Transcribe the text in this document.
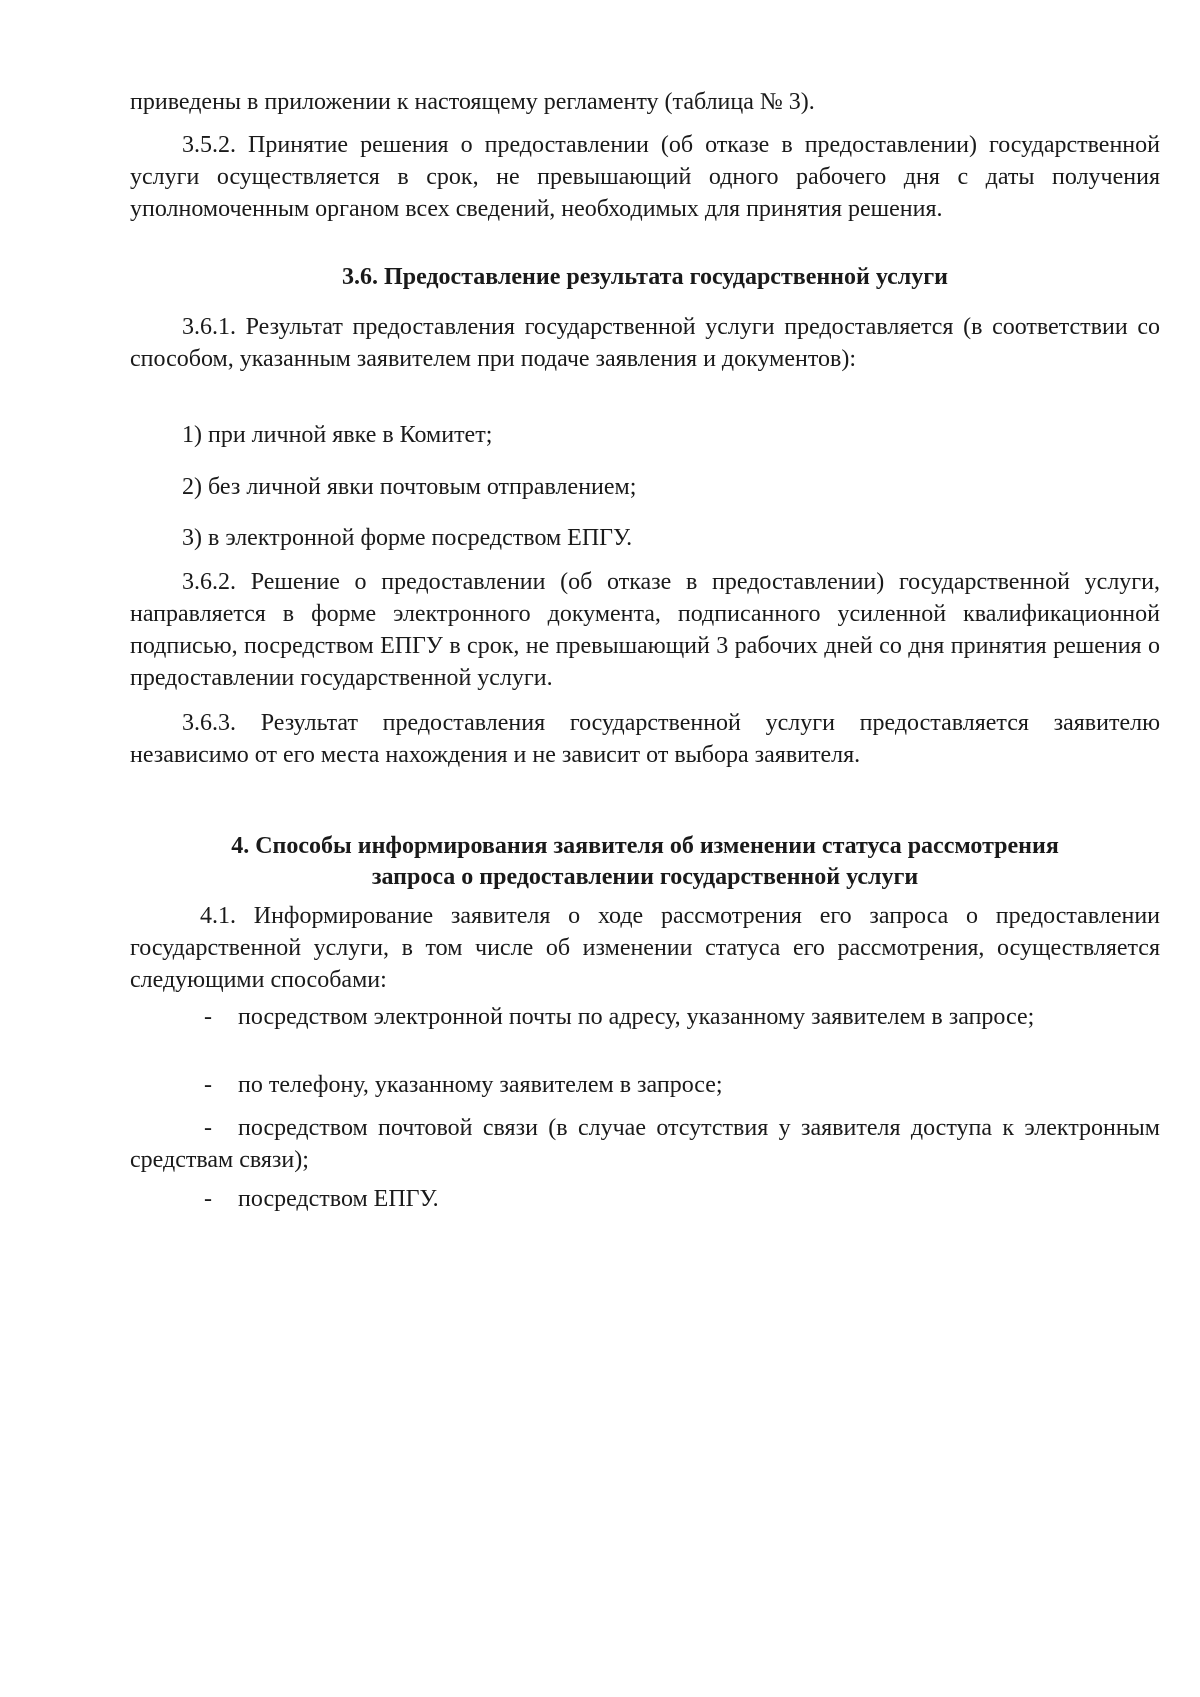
приведены в приложении к настоящему регламенту (таблица № 3).

3.5.2. Принятие решения о предоставлении (об отказе в предоставлении) государственной услуги осуществляется в срок, не превышающий одного рабочего дня с даты получения уполномоченным органом всех сведений, необходимых для принятия решения.

3.6. Предоставление результата государственной услуги

3.6.1. Результат предоставления государственной услуги предоставляется (в соответствии со способом, указанным заявителем при подаче заявления и документов):

1) при личной явке в Комитет;

2) без личной явки почтовым отправлением;

3) в электронной форме посредством ЕПГУ.

3.6.2. Решение о предоставлении (об отказе в предоставлении) государственной услуги, направляется в форме электронного документа, подписанного усиленной квалификационной подписью, посредством ЕПГУ в срок, не превышающий 3 рабочих дней со дня принятия решения о предоставлении государственной услуги.

3.6.3. Результат предоставления государственной услуги предоставляется заявителю независимо от его места нахождения и не зависит от выбора заявителя.

4. Способы информирования заявителя об изменении статуса рассмотрения
запроса о предоставлении государственной услуги

4.1. Информирование заявителя о ходе рассмотрения его запроса о предоставлении государственной услуги, в том числе об изменении статуса его рассмотрения, осуществляется следующими способами:

- посредством электронной почты по адресу, указанному заявителем в запросе;

- по телефону, указанному заявителем в запросе;

- посредством почтовой связи (в случае отсутствия у заявителя доступа к электронным средствам связи);

- посредством ЕПГУ.
